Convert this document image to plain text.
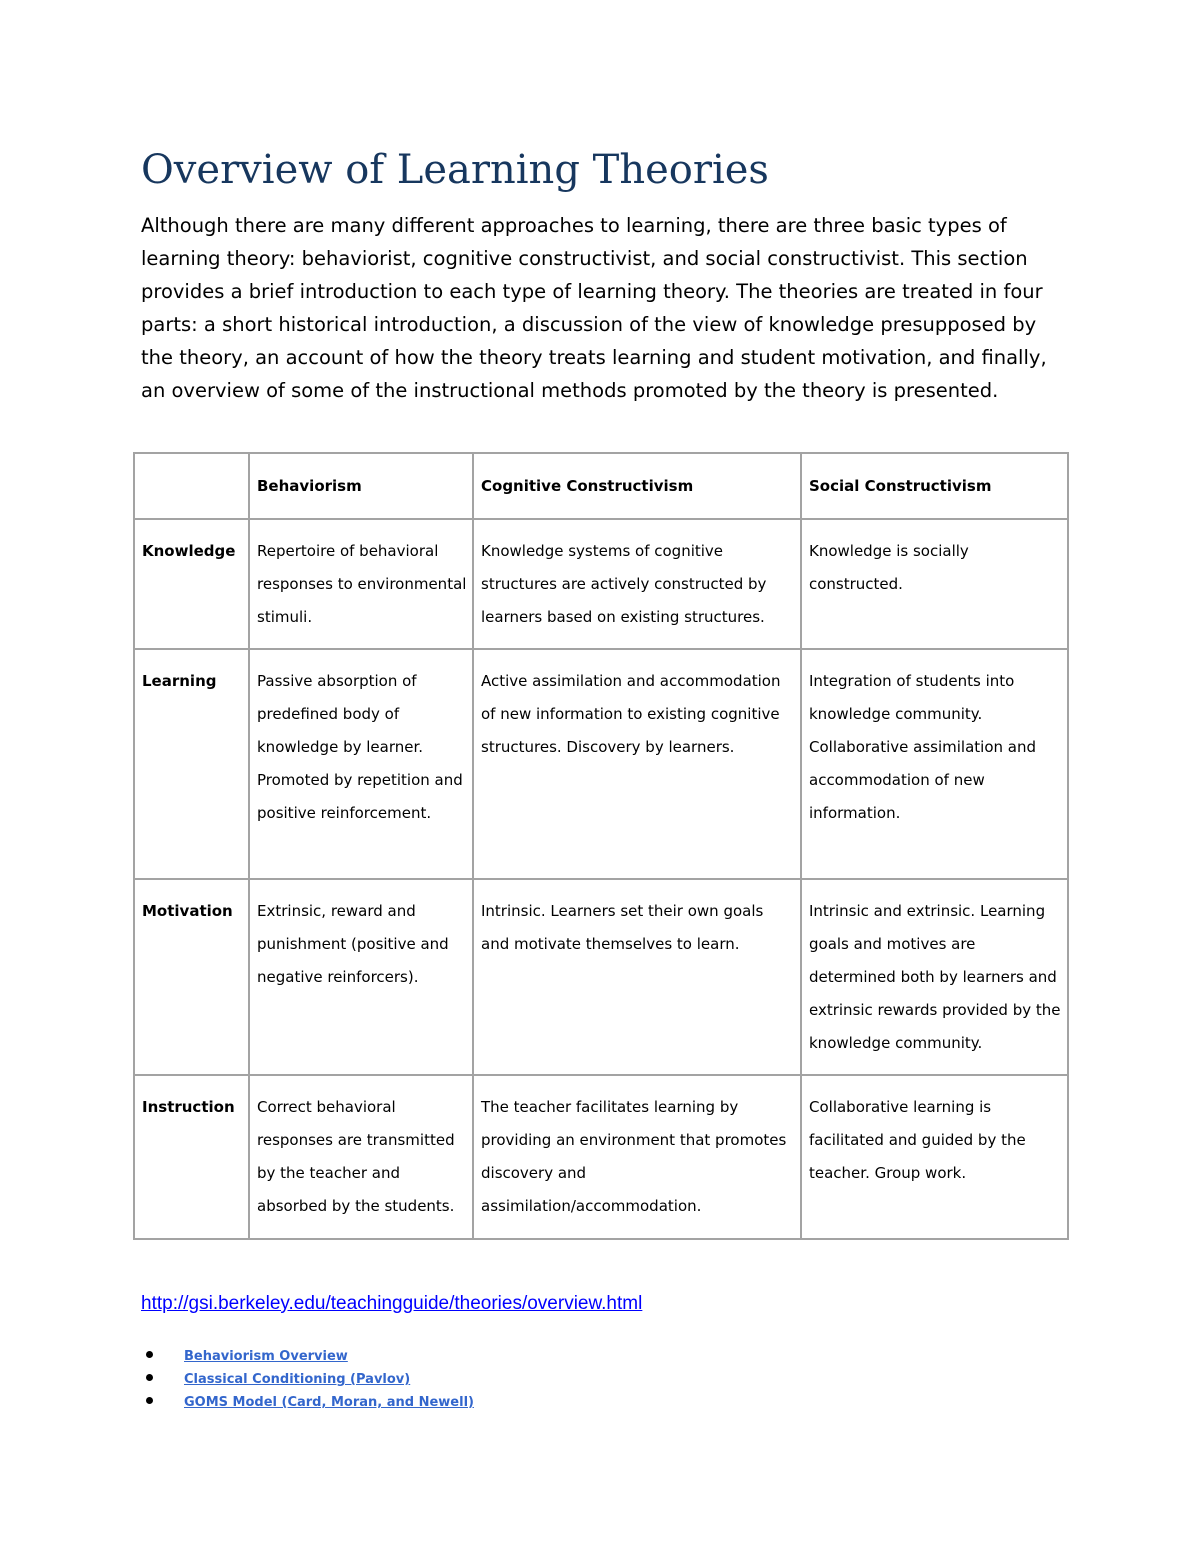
Overview of Learning Theories

Although there are many different approaches to learning, there are three basic types of learning theory: behaviorist, cognitive constructivist, and social constructivist. This section provides a brief introduction to each type of learning theory. The theories are treated in four parts: a short historical introduction, a discussion of the view of knowledge presupposed by the theory, an account of how the theory treats learning and student motivation, and finally, an overview of some of the instructional methods promoted by the theory is presented.

	Behaviorism	Cognitive Constructivism	Social Constructivism

Knowledge	Repertoire of behavioral responses to environmental stimuli.	Knowledge systems of cognitive structures are actively constructed by learners based on existing structures.	Knowledge is socially constructed.
Learning	Passive absorption of predefined body of knowledge by learner. Promoted by repetition and positive reinforcement.	Active assimilation and accommodation of new information to existing cognitive structures. Discovery by learners.	Integration of students into knowledge community. Collaborative assimilation and accommodation of new information.
Motivation	Extrinsic, reward and punishment (positive and negative reinforcers).	Intrinsic. Learners set their own goals and motivate themselves to learn.	Intrinsic and extrinsic. Learning goals and motives are determined both by learners and extrinsic rewards provided by the knowledge community.
Instruction	Correct behavioral responses are transmitted by the teacher and absorbed by the students.	The teacher facilitates learning by providing an environment that promotes discovery and assimilation/accommodation.	Collaborative learning is facilitated and guided by the teacher. Group work.
http://gsi.berkeley.edu/teachingguide/theories/overview.html
Behaviorism Overview
Classical Conditioning (Pavlov)
GOMS Model (Card, Moran, and Newell)
